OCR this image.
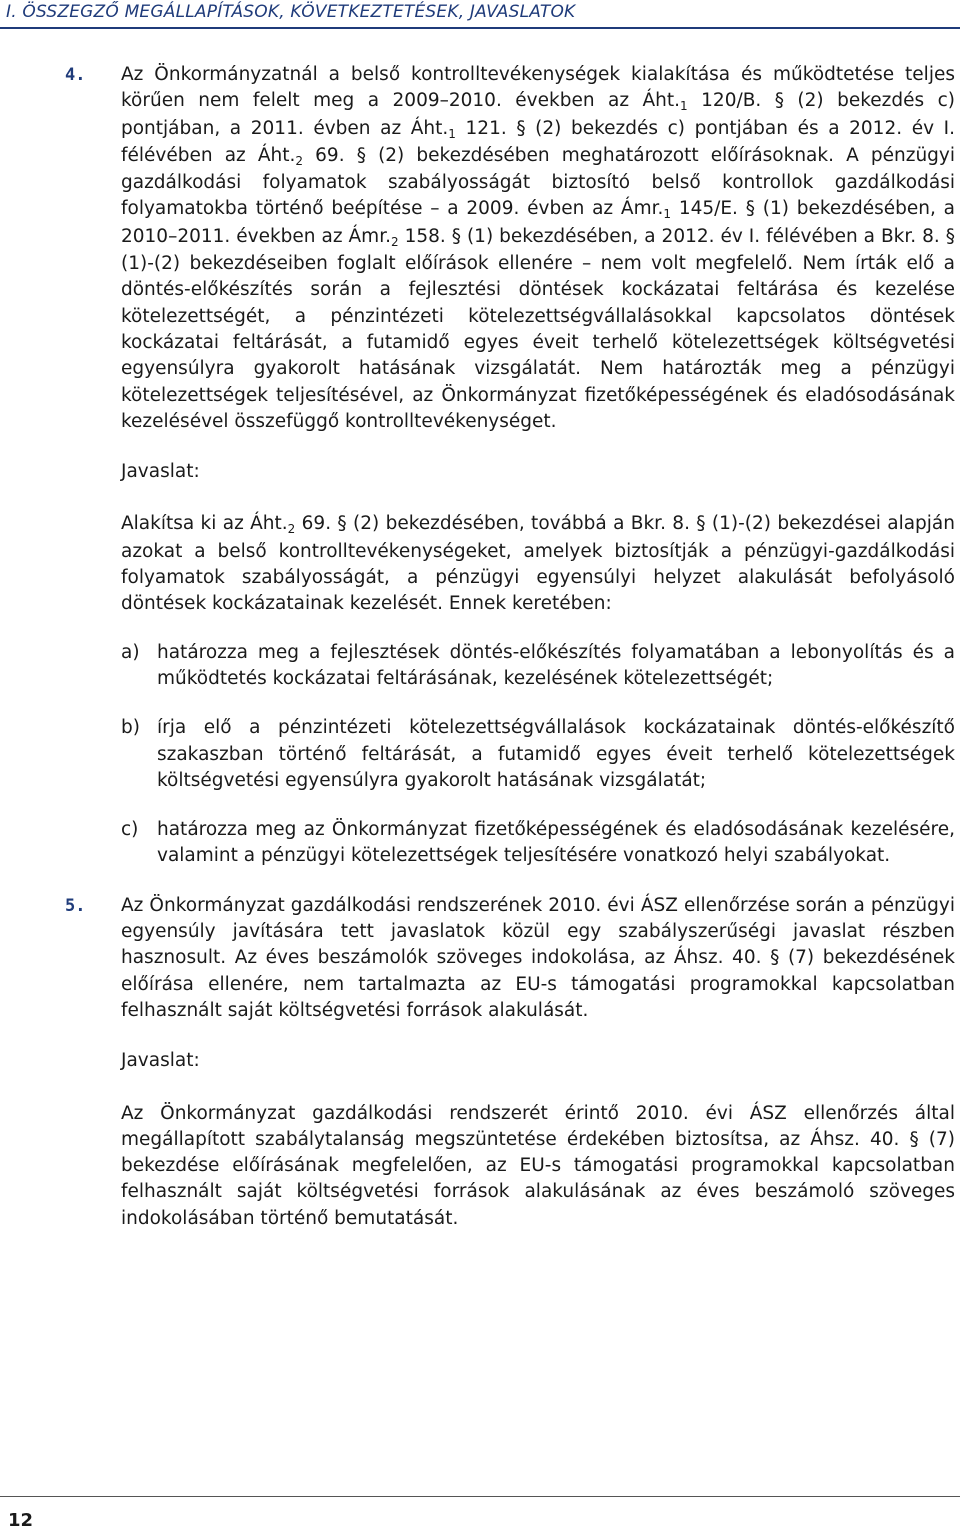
I. ÖSSZEGZŐ MEGÁLLAPÍTÁSOK, KÖVETKEZTETÉSEK, JAVASLATOK
4. Az Önkormányzatnál a belső kontrolltevékenységek kialakítása és működtetése teljes körűen nem felelt meg a 2009–2010. években az $Áht._1$ 120/B. § (2) bekezdés c) pontjában, a 2011. évben az $Áht._1$ 121. § (2) bekezdés c) pontjában és a 2012. év I. félévében az $Áht._2$ 69. § (2) bekezdésében meghatározott előírásoknak. A pénzügyi gazdálkodási folyamatok szabályosságát biztosító belső kontrollok gazdálkodási folyamatokba történő beépítése – a 2009. évben az $Ámr._1$ 145/E. § (1) bekezdésében, a 2010–2011. években az $Ámr._2$ 158. § (1) bekezdésében, a 2012. év I. félévében a Bkr. 8. § (1)-(2) bekezdéseiben foglalt előírások ellenére – nem volt megfelelő. Nem írták elő a döntés-előkészítés során a fejlesztési döntések kockázatai feltárása és kezelése kötelezettségét, a pénzintézeti kötelezettségvállalásokkal kapcsolatos döntések kockázatai feltárását, a futamidő egyes éveit terhelő kötelezettségek költségvetési egyensúlyra gyakorolt hatásának vizsgálatát. Nem határozták meg a pénzügyi kötelezettségek teljesítésével, az Önkormányzat fizetőképességének és eladósodásának kezelésével összefüggő kontrolltevékenységet.

Javaslat:

Alakítsa ki az $Áht._2$ 69. § (2) bekezdésében, továbbá a Bkr. 8. § (1)-(2) bekezdései alapján azokat a belső kontrolltevékenységeket, amelyek biztosítják a pénzügyi-gazdálkodási folyamatok szabályosságát, a pénzügyi egyensúlyi helyzet alakulását befolyásoló döntések kockázatainak kezelését. Ennek keretében:

a) határozza meg a fejlesztések döntés-előkészítés folyamatában a lebonyolítás és a működtetés kockázatai feltárásának, kezelésének kötelezettségét;

b) írja elő a pénzintézeti kötelezettségvállalások kockázatainak döntés-előkészítő szakaszban történő feltárását, a futamidő egyes éveit terhelő kötelezettségek költségvetési egyensúlyra gyakorolt hatásának vizsgálatát;

c) határozza meg az Önkormányzat fizetőképességének és eladósodásának kezelésére, valamint a pénzügyi kötelezettségek teljesítésére vonatkozó helyi szabályokat.

5. Az Önkormányzat gazdálkodási rendszerének 2010. évi ÁSZ ellenőrzése során a pénzügyi egyensúly javítására tett javaslatok közül egy szabályszerűségi javaslat részben hasznosult. Az éves beszámolók szöveges indokolása, az Áhsz. 40. § (7) bekezdésének előírása ellenére, nem tartalmazta az EU-s támogatási programokkal kapcsolatban felhasznált saját költségvetési források alakulását.

Javaslat:

Az Önkormányzat gazdálkodási rendszerét érintő 2010. évi ÁSZ ellenőrzés által megállapított szabálytalanság megszüntetése érdekében biztosítsa, az Áhsz. 40. § (7) bekezdése előírásának megfelelően, az EU-s támogatási programokkal kapcsolatban felhasznált saját költségvetési források alakulásának az éves beszámoló szöveges indokolásában történő bemutatását.

12
